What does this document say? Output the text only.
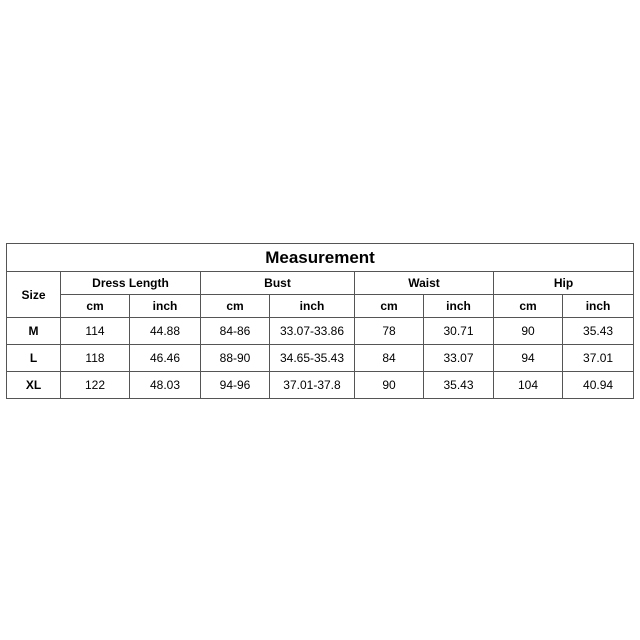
Measurement								
Size	Dress Length		Bust		Waist		Hip	
	cm	inch	cm	inch	cm	inch	cm	inch
M	114	44.88	84-86	33.07-33.86	78	30.71	90	35.43
L	118	46.46	88-90	34.65-35.43	84	33.07	94	37.01
XL	122	48.03	94-96	37.01-37.8	90	35.43	104	40.94
